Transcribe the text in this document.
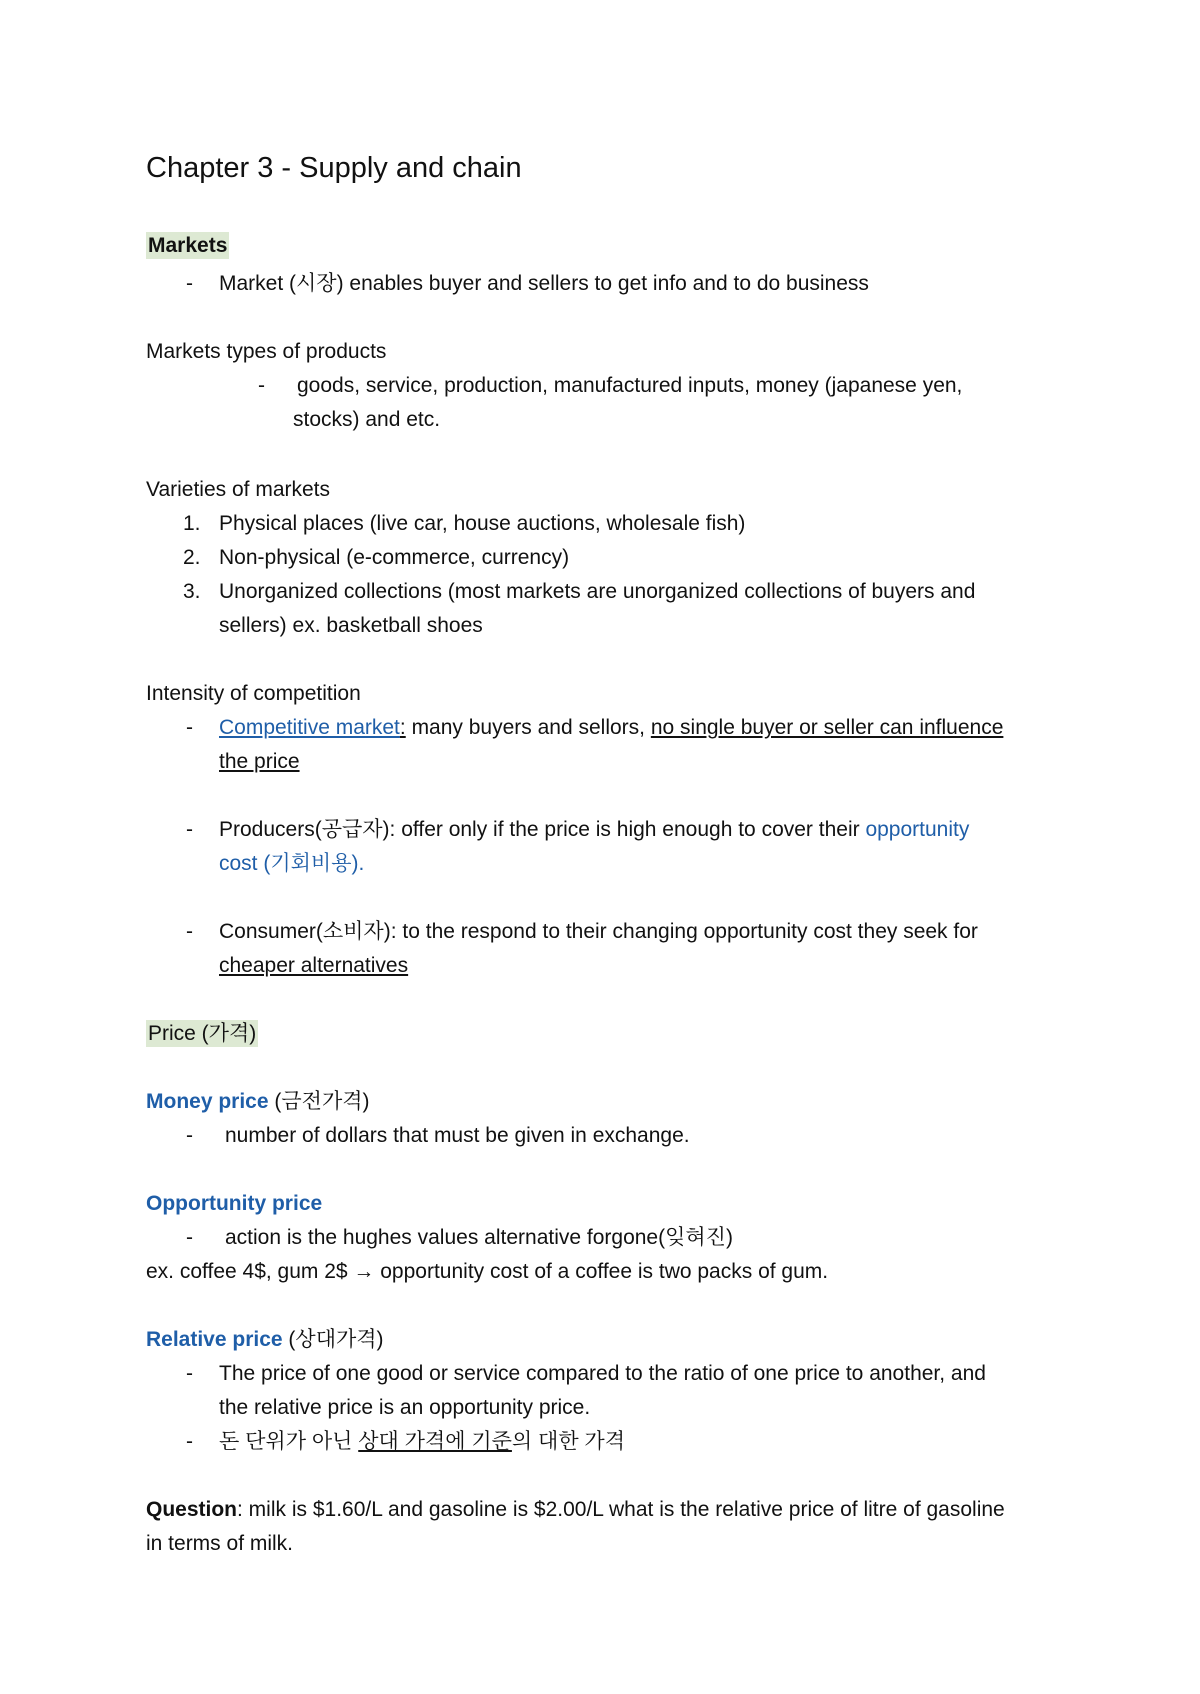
Chapter 3 - Supply and chain
Markets
- Market (시장) enables buyer and sellers to get info and to do business
Markets types of products
- goods, service, production, manufactured inputs, money (japanese yen,
stocks) and etc.
Varieties of markets
1. Physical places (live car, house auctions, wholesale fish)
2. Non-physical (e-commerce, currency)
3. Unorganized collections (most markets are unorganized collections of buyers and
sellers) ex. basketball shoes
Intensity of competition
- Competitive market: many buyers and sellors, no single buyer or seller can influence
the price
- Producers(공급자): offer only if the price is high enough to cover their opportunity
cost (기회비용).
- Consumer(소비자): to the respond to their changing opportunity cost they seek for
cheaper alternatives
Price (가격)
Money price (금전가격)
- number of dollars that must be given in exchange.
Opportunity price
- action is the hughes values alternative forgone(잊혀진)
ex. coffee 4$, gum 2$ → opportunity cost of a coffee is two packs of gum.
Relative price (상대가격)
- The price of one good or service compared to the ratio of one price to another, and
the relative price is an opportunity price.
- 돈 단위가 아닌 상대 가격에 기준의 대한 가격
Question: milk is $1.60/L and gasoline is $2.00/L what is the relative price of litre of gasoline
in terms of milk.
